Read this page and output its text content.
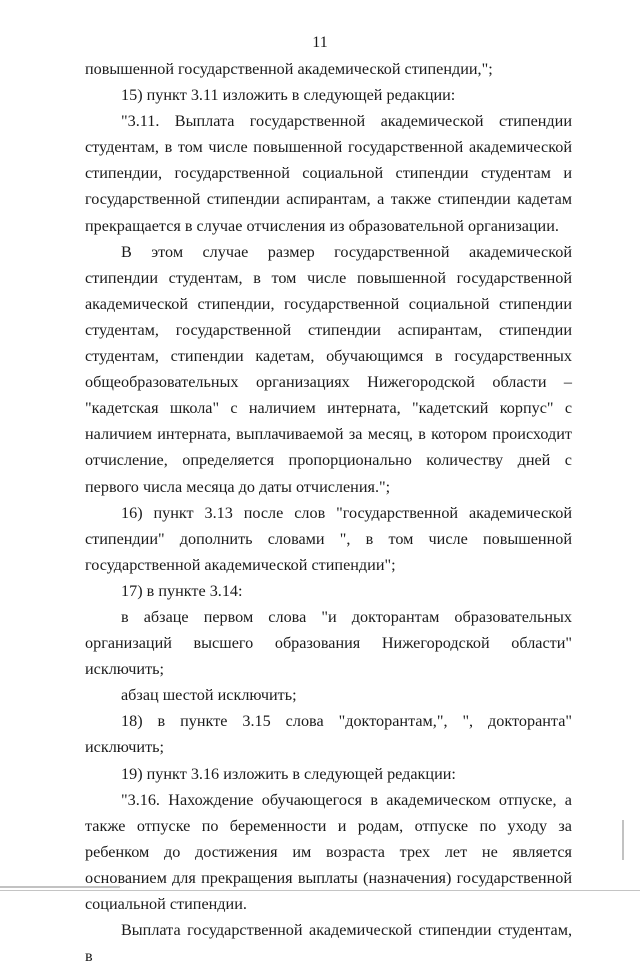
11

повышенной государственной академической стипендии,";

15) пункт 3.11 изложить в следующей редакции:

"3.11. Выплата государственной академической стипендии студентам, в том числе повышенной государственной академической стипендии, государственной социальной стипендии студентам и государственной стипендии аспирантам, а также стипендии кадетам прекращается в случае отчисления из образовательной организации.

В этом случае размер государственной академической стипендии студентам, в том числе повышенной государственной академической стипендии, государственной социальной стипендии студентам, государственной стипендии аспирантам, стипендии студентам, стипендии кадетам, обучающимся в государственных общеобразовательных организациях Нижегородской области – "кадетская школа" с наличием интерната, "кадетский корпус" с наличием интерната, выплачиваемой за месяц, в котором происходит отчисление, определяется пропорционально количеству дней с первого числа месяца до даты отчисления.";

16) пункт 3.13 после слов "государственной академической стипендии" дополнить словами ", в том числе повышенной государственной академической стипендии";

17) в пункте 3.14:

в абзаце первом слова "и докторантам образовательных организаций высшего образования Нижегородской области" исключить;

абзац шестой исключить;

18) в пункте 3.15 слова "докторантам,", ", докторанта" исключить;

19) пункт 3.16 изложить в следующей редакции:

"3.16. Нахождение обучающегося в академическом отпуске, а также отпуске по беременности и родам, отпуске по уходу за ребенком до достижения им возраста трех лет не является основанием для прекращения выплаты (назначения) государственной социальной стипендии.

Выплата государственной академической стипендии студентам, в
